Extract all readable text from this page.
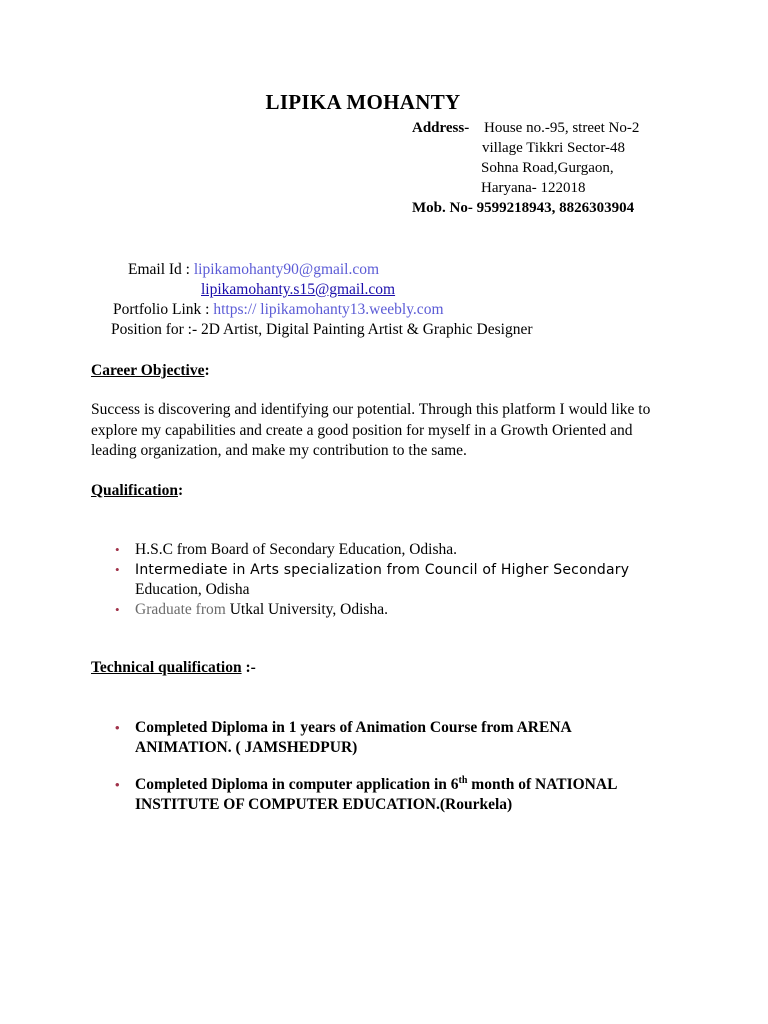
LIPIKA MOHANTY
Address- House no.-95, street No-2
village Tikkri Sector-48
Sohna Road,Gurgaon,
Haryana- 122018
Mob. No- 9599218943, 8826303904
Email Id : lipikamohanty90@gmail.com
lipikamohanty.s15@gmail.com
Portfolio Link : https:// lipikamohanty13.weebly.com
Position for :- 2D Artist, Digital Painting Artist & Graphic Designer
Career Objective:
Success is discovering and identifying our potential. Through this platform I would like to explore my capabilities and create a good position for myself in a Growth Oriented and leading organization, and make my contribution to the same.
Qualification:
• H.S.C from Board of Secondary Education, Odisha.
• Intermediate in Arts specialization from Council of Higher Secondary
Education, Odisha
• Graduate from Utkal University, Odisha.
Technical qualification :-
• Completed Diploma in 1 years of Animation Course from ARENA
ANIMATION. ( JAMSHEDPUR)
• Completed Diploma in computer application in 6th month of NATIONAL
INSTITUTE OF COMPUTER EDUCATION.(Rourkela)
